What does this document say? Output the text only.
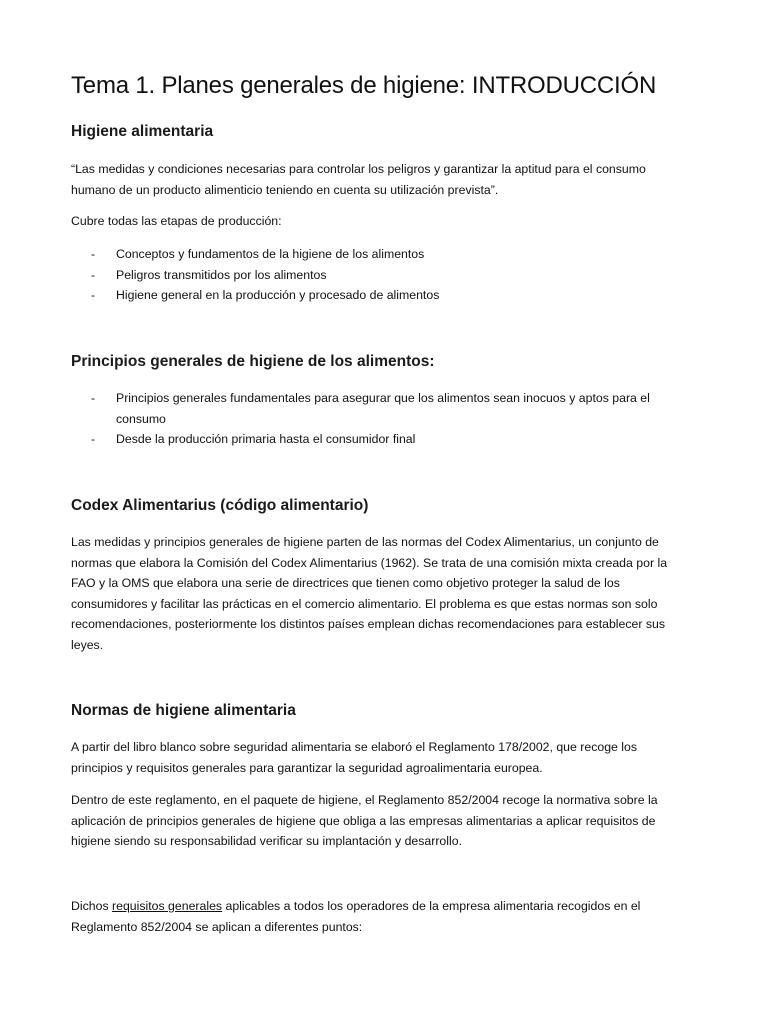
Tema 1. Planes generales de higiene: INTRODUCCIÓN
Higiene alimentaria

“Las medidas y condiciones necesarias para controlar los peligros y garantizar la aptitud para el consumo humano de un producto alimenticio teniendo en cuenta su utilización prevista”.

Cubre todas las etapas de producción:

- Conceptos y fundamentos de la higiene de los alimentos
- Peligros transmitidos por los alimentos
- Higiene general en la producción y procesado de alimentos
Principios generales de higiene de los alimentos:
- Principios generales fundamentales para asegurar que los alimentos sean inocuos y aptos para el consumo
- Desde la producción primaria hasta el consumidor final
Codex Alimentarius (código alimentario)

Las medidas y principios generales de higiene parten de las normas del Codex Alimentarius, un conjunto de normas que elabora la Comisión del Codex Alimentarius (1962). Se trata de una comisión mixta creada por la FAO y la OMS que elabora una serie de directrices que tienen como objetivo proteger la salud de los consumidores y facilitar las prácticas en el comercio alimentario. El problema es que estas normas son solo recomendaciones, posteriormente los distintos países emplean dichas recomendaciones para establecer sus leyes.

Normas de higiene alimentaria

A partir del libro blanco sobre seguridad alimentaria se elaboró el Reglamento 178/2002, que recoge los principios y requisitos generales para garantizar la seguridad agroalimentaria europea.

Dentro de este reglamento, en el paquete de higiene, el Reglamento 852/2004 recoge la normativa sobre la aplicación de principios generales de higiene que obliga a las empresas alimentarias a aplicar requisitos de higiene siendo su responsabilidad verificar su implantación y desarrollo.

Dichos requisitos generales aplicables a todos los operadores de la empresa alimentaria recogidos en el Reglamento 852/2004 se aplican a diferentes puntos:
